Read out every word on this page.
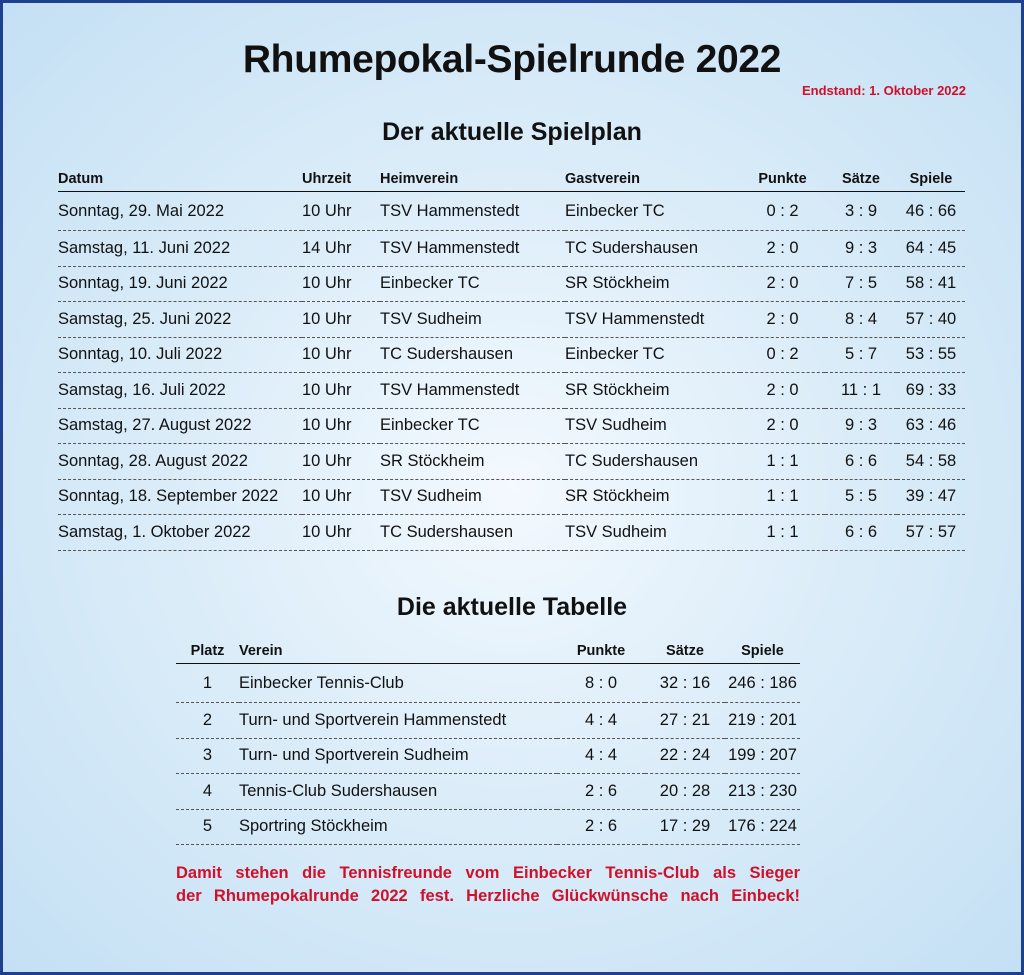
Rhumepokal-Spielrunde 2022
Endstand: 1. Oktober 2022
Der aktuelle Spielplan
Datum	Uhrzeit	Heimverein	Gastverein	Punkte	Sätze	Spiele
Sonntag, 29. Mai 2022	10 Uhr	TSV Hammenstedt	Einbecker TC	0 : 2	3 : 9	46 : 66
Samstag, 11. Juni 2022	14 Uhr	TSV Hammenstedt	TC Sudershausen	2 : 0	9 : 3	64 : 45
Sonntag, 19. Juni 2022	10 Uhr	Einbecker TC	SR Stöckheim	2 : 0	7 : 5	58 : 41
Samstag, 25. Juni 2022	10 Uhr	TSV Sudheim	TSV Hammenstedt	2 : 0	8 : 4	57 : 40
Sonntag, 10. Juli 2022	10 Uhr	TC Sudershausen	Einbecker TC	0 : 2	5 : 7	53 : 55
Samstag, 16. Juli 2022	10 Uhr	TSV Hammenstedt	SR Stöckheim	2 : 0	11 : 1	69 : 33
Samstag, 27. August 2022	10 Uhr	Einbecker TC	TSV Sudheim	2 : 0	9 : 3	63 : 46
Sonntag, 28. August 2022	10 Uhr	SR Stöckheim	TC Sudershausen	1 : 1	6 : 6	54 : 58
Sonntag, 18. September 2022	10 Uhr	TSV Sudheim	SR Stöckheim	1 : 1	5 : 5	39 : 47
Samstag, 1. Oktober 2022	10 Uhr	TC Sudershausen	TSV Sudheim	1 : 1	6 : 6	57 : 57
Die aktuelle Tabelle
Platz	Verein	Punkte	Sätze	Spiele
1	Einbecker Tennis-Club	8 : 0	32 : 16	246 : 186
2	Turn- und Sportverein Hammenstedt	4 : 4	27 : 21	219 : 201
3	Turn- und Sportverein Sudheim	4 : 4	22 : 24	199 : 207
4	Tennis-Club Sudershausen	2 : 6	20 : 28	213 : 230
5	Sportring Stöckheim	2 : 6	17 : 29	176 : 224
Damit stehen die Tennisfreunde vom Einbecker Tennis-Club als Sieger
der Rhumepokalrunde 2022 fest. Herzliche Glückwünsche nach Einbeck!
